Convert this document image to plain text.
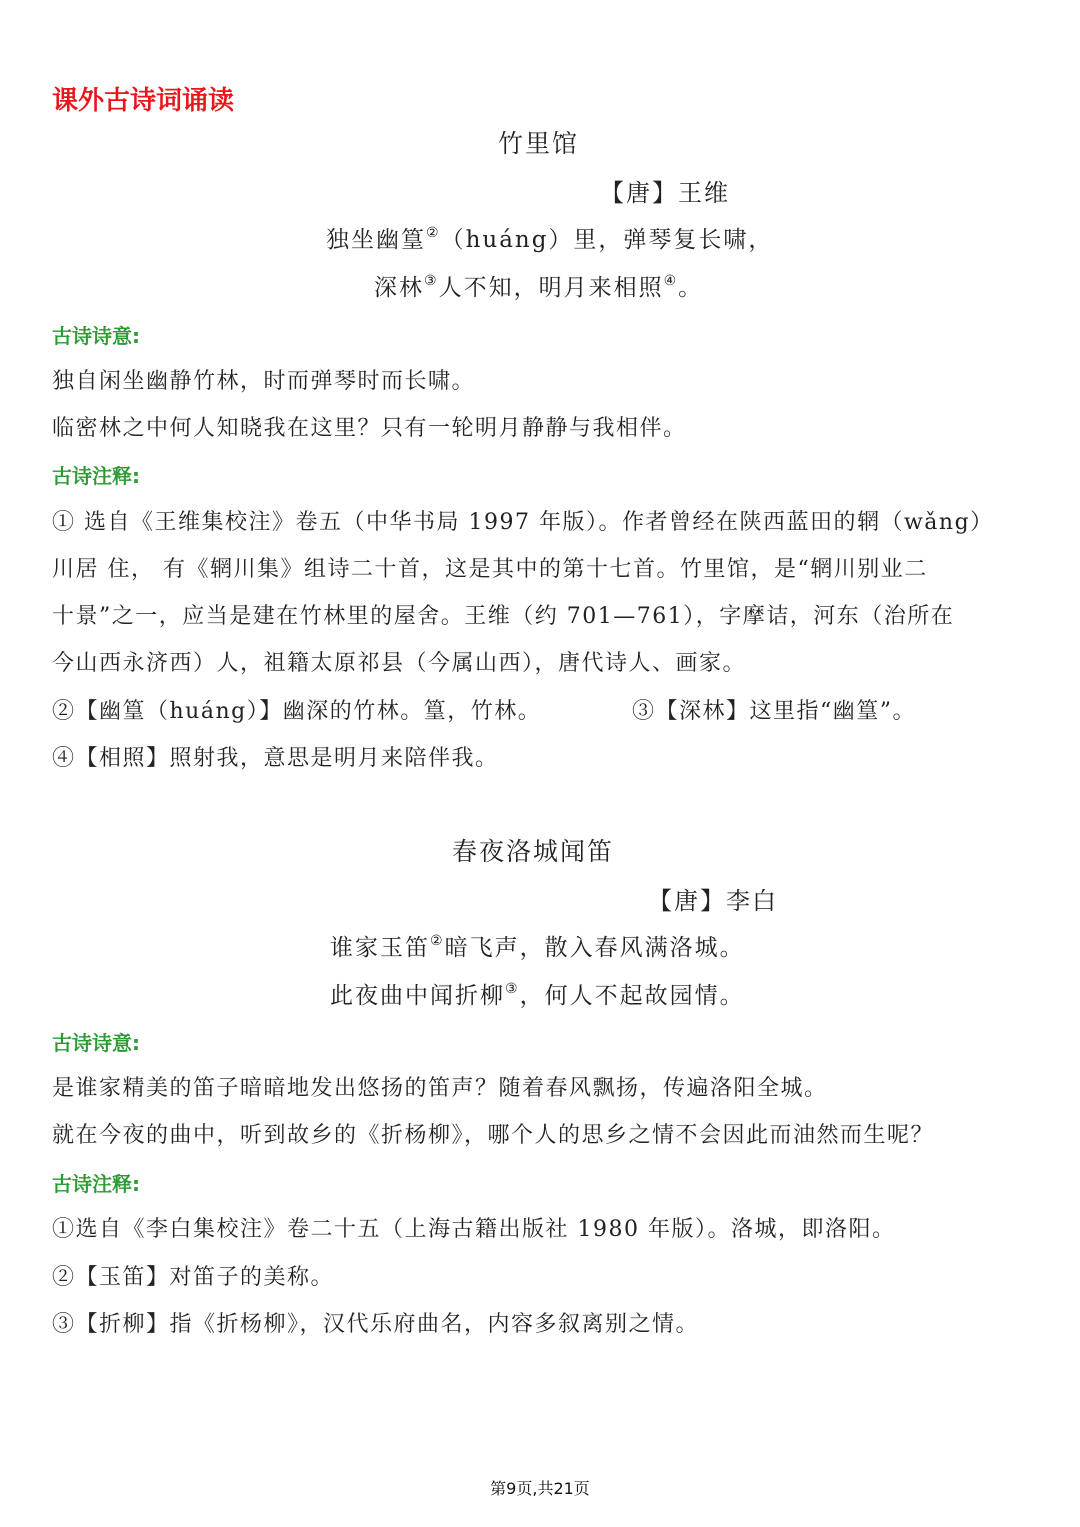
课外古诗词诵读
竹里馆
【唐】王维
独坐幽篁②（huáng）里，弹琴复长啸，
深林③人不知，明月来相照④。
古诗诗意:
独自闲坐幽静竹林，时而弹琴时而长啸。
临密林之中何人知晓我在这里？只有一轮明月静静与我相伴。
古诗注释:
① 选自《王维集校注》卷五（中华书局 1997 年版）。作者曾经在陕西蓝田的辋（wǎng）
川居 住， 有《辋川集》组诗二十首，这是其中的第十七首。竹里馆，是“辋川别业二
十景”之一，应当是建在竹林里的屋舍。王维（约 701—761），字摩诘，河东（治所在
今山西永济西）人，祖籍太原祁县（今属山西），唐代诗人、画家。
②【幽篁（huáng）】幽深的竹林。篁，竹林。	③【深林】这里指“幽篁”。
④【相照】照射我，意思是明月来陪伴我。
春夜洛城闻笛
【唐】李白
谁家玉笛②暗飞声，散入春风满洛城。
此夜曲中闻折柳③，何人不起故园情。
古诗诗意:
是谁家精美的笛子暗暗地发出悠扬的笛声？随着春风飘扬，传遍洛阳全城。
就在今夜的曲中，听到故乡的《折杨柳》，哪个人的思乡之情不会因此而油然而生呢？
古诗注释:
①选自《李白集校注》卷二十五（上海古籍出版社 1980 年版）。洛城，即洛阳。
②【玉笛】对笛子的美称。
③【折柳】指《折杨柳》，汉代乐府曲名，内容多叙离别之情。
第9页,共21页
